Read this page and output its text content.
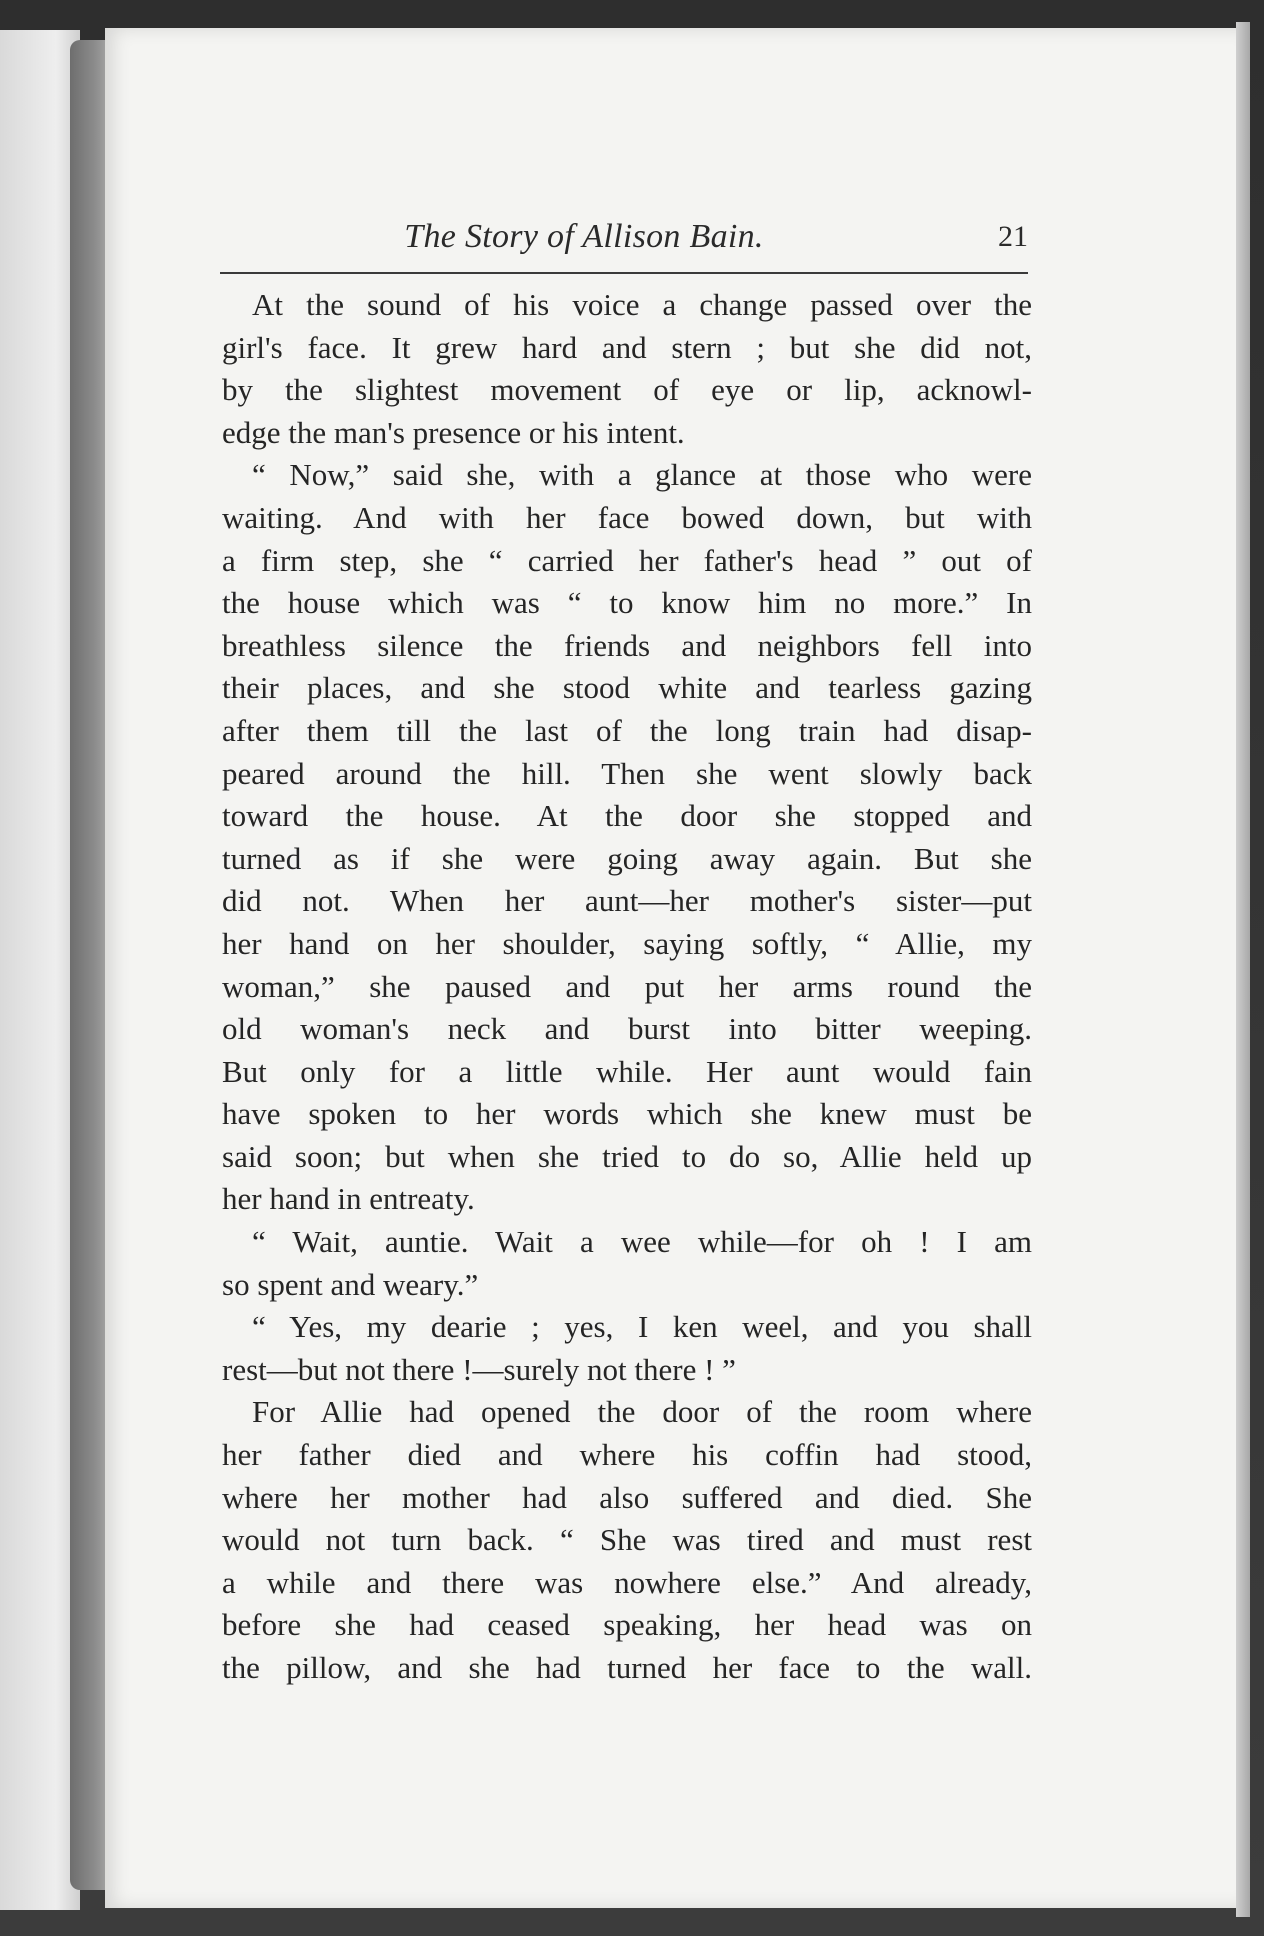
The Story of Allison Bain.	21
At the sound of his voice a change passed over the
girl's face. It grew hard and stern ; but she did not,
by the slightest movement of eye or lip, acknowl-
edge the man's presence or his intent.
“ Now,” said she, with a glance at those who were
waiting. And with her face bowed down, but with
a firm step, she “ carried her father's head ” out of
the house which was “ to know him no more.” In
breathless silence the friends and neighbors fell into
their places, and she stood white and tearless gazing
after them till the last of the long train had disap-
peared around the hill. Then she went slowly back
toward the house. At the door she stopped and
turned as if she were going away again. But she
did not. When her aunt—her mother's sister—put
her hand on her shoulder, saying softly, “ Allie, my
woman,” she paused and put her arms round the
old woman's neck and burst into bitter weeping.
But only for a little while. Her aunt would fain
have spoken to her words which she knew must be
said soon; but when she tried to do so, Allie held up
her hand in entreaty.
“ Wait, auntie. Wait a wee while—for oh ! I am
so spent and weary.”
“ Yes, my dearie ; yes, I ken weel, and you shall
rest—but not there !—surely not there ! ”
For Allie had opened the door of the room where
her father died and where his coffin had stood,
where her mother had also suffered and died. She
would not turn back. “ She was tired and must rest
a while and there was nowhere else.” And already,
before she had ceased speaking, her head was on
the pillow, and she had turned her face to the wall.
